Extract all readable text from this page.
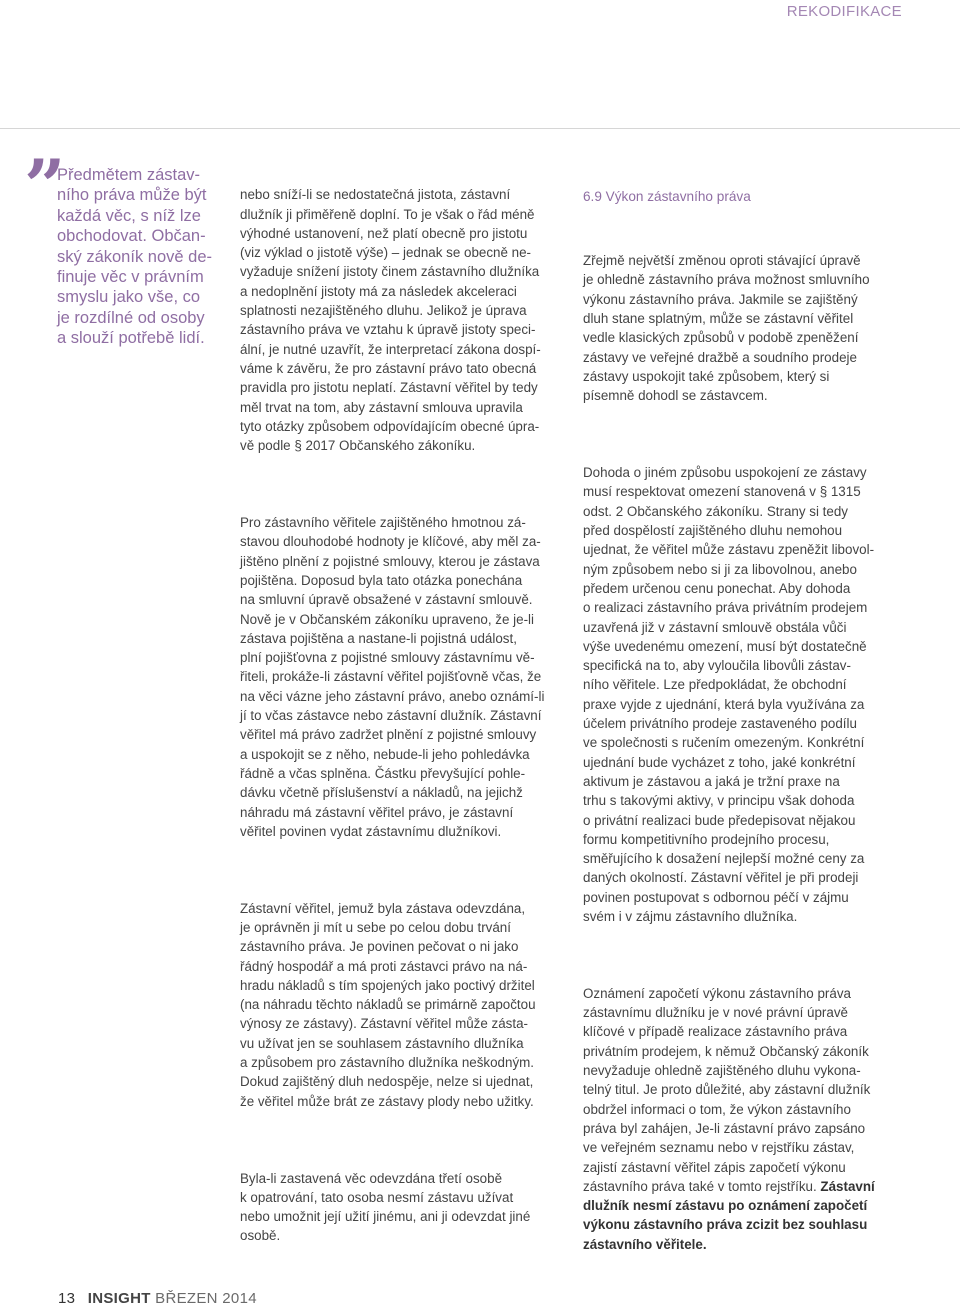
REKODIFIKACE
”
Předmětem zástav-
ního práva může být
každá věc, s níž lze
obchodovat. Občan-
ský zákoník nově de-
finuje věc v právním
smyslu jako vše, co
je rozdílné od osoby
a slouží potřebě lidí.

nebo sníží-li se nedostatečná jistota, zástavní
dlužník ji přiměřeně doplní. To je však o řád méně
výhodné ustanovení, než platí obecně pro jistotu
(viz výklad o jistotě výše) – jednak se obecně ne-
vyžaduje snížení jistoty činem zástavního dlužníka
a nedoplnění jistoty má za následek akceleraci
splatnosti nezajištěného dluhu. Jelikož je úprava
zástavního práva ve vztahu k úpravě jistoty speci-
ální, je nutné uzavřít, že interpretací zákona dospí-
váme k závěru, že pro zástavní právo tato obecná
pravidla pro jistotu neplatí. Zástavní věřitel by tedy
měl trvat na tom, aby zástavní smlouva upravila
tyto otázky způsobem odpovídajícím obecné úpra-
vě podle § 2017 Občanského zákoníku.

Pro zástavního věřitele zajištěného hmotnou zá-
stavou dlouhodobé hodnoty je klíčové, aby měl za-
jištěno plnění z pojistné smlouvy, kterou je zástava
pojištěna. Doposud byla tato otázka ponechána
na smluvní úpravě obsažené v zástavní smlouvě.
Nově je v Občanském zákoníku upraveno, že je-li
zástava pojištěna a nastane-li pojistná událost,
plní pojišťovna z pojistné smlouvy zástavnímu vě-
řiteli, prokáže-li zástavní věřitel pojišťovně včas, že
na věci vázne jeho zástavní právo, anebo oznámí-li
jí to včas zástavce nebo zástavní dlužník. Zástavní
věřitel má právo zadržet plnění z pojistné smlouvy
a uspokojit se z něho, nebude-li jeho pohledávka
řádně a včas splněna. Částku převyšující pohle-
dávku včetně příslušenství a nákladů, na jejichž
náhradu má zástavní věřitel právo, je zástavní
věřitel povinen vydat zástavnímu dlužníkovi.

Zástavní věřitel, jemuž byla zástava odevzdána,
je oprávněn ji mít u sebe po celou dobu trvání
zástavního práva. Je povinen pečovat o ni jako
řádný hospodář a má proti zástavci právo na ná-
hradu nákladů s tím spojených jako poctivý držitel
(na náhradu těchto nákladů se primárně započtou
výnosy ze zástavy). Zástavní věřitel může zásta-
vu užívat jen se souhlasem zástavního dlužníka
a způsobem pro zástavního dlužníka neškodným.
Dokud zajištěný dluh nedospěje, nelze si ujednat,
že věřitel může brát ze zástavy plody nebo užitky.

Byla-li zastavená věc odevzdána třetí osobě
k opatrování, tato osoba nesmí zástavu užívat
nebo umožnit její užití jinému, ani ji odevzdat jiné
osobě.

6.9 Výkon zástavního práva

Zřejmě největší změnou oproti stávající úpravě
je ohledně zástavního práva možnost smluvního
výkonu zástavního práva. Jakmile se zajištěný
dluh stane splatným, může se zástavní věřitel
vedle klasických způsobů v podobě zpeněžení
zástavy ve veřejné dražbě a soudního prodeje
zástavy uspokojit také způsobem, který si
písemně dohodl se zástavcem.

Dohoda o jiném způsobu uspokojení ze zástavy
musí respektovat omezení stanovená v § 1315
odst. 2 Občanského zákoníku. Strany si tedy
před dospělostí zajištěného dluhu nemohou
ujednat, že věřitel může zástavu zpeněžit libovol-
ným způsobem nebo si ji za libovolnou, anebo
předem určenou cenu ponechat. Aby dohoda
o realizaci zástavního práva privátním prodejem
uzavřená již v zástavní smlouvě obstála vůči
výše uvedenému omezení, musí být dostatečně
specifická na to, aby vyloučila libovůli zástav-
ního věřitele. Lze předpokládat, že obchodní
praxe vyjde z ujednání, která byla využívána za
účelem privátního prodeje zastaveného podílu
ve společnosti s ručením omezeným. Konkrétní
ujednání bude vycházet z toho, jaké konkrétní
aktivum je zástavou a jaká je tržní praxe na
trhu s takovými aktivy, v principu však dohoda
o privátní realizaci bude předepisovat nějakou
formu kompetitivního prodejního procesu,
směřujícího k dosažení nejlepší možné ceny za
daných okolností. Zástavní věřitel je při prodeji
povinen postupovat s odbornou péčí v zájmu
svém i v zájmu zástavního dlužníka.

Oznámení započetí výkonu zástavního práva
zástavnímu dlužníku je v nové právní úpravě
klíčové v případě realizace zástavního práva
privátním prodejem, k němuž Občanský zákoník
nevyžaduje ohledně zajištěného dluhu vykona-
telný titul. Je proto důležité, aby zástavní dlužník
obdržel informaci o tom, že výkon zástavního
práva byl zahájen, Je-li zástavní právo zapsáno
ve veřejném seznamu nebo v rejstříku zástav,
zajistí zástavní věřitel zápis započetí výkonu
zástavního práva také v tomto rejstříku. Zástavní
dlužník nesmí zástavu po oznámení započetí
výkonu zástavního práva zcizit bez souhlasu
zástavního věřitele.

13 INSIGHT BŘEZEN 2014
